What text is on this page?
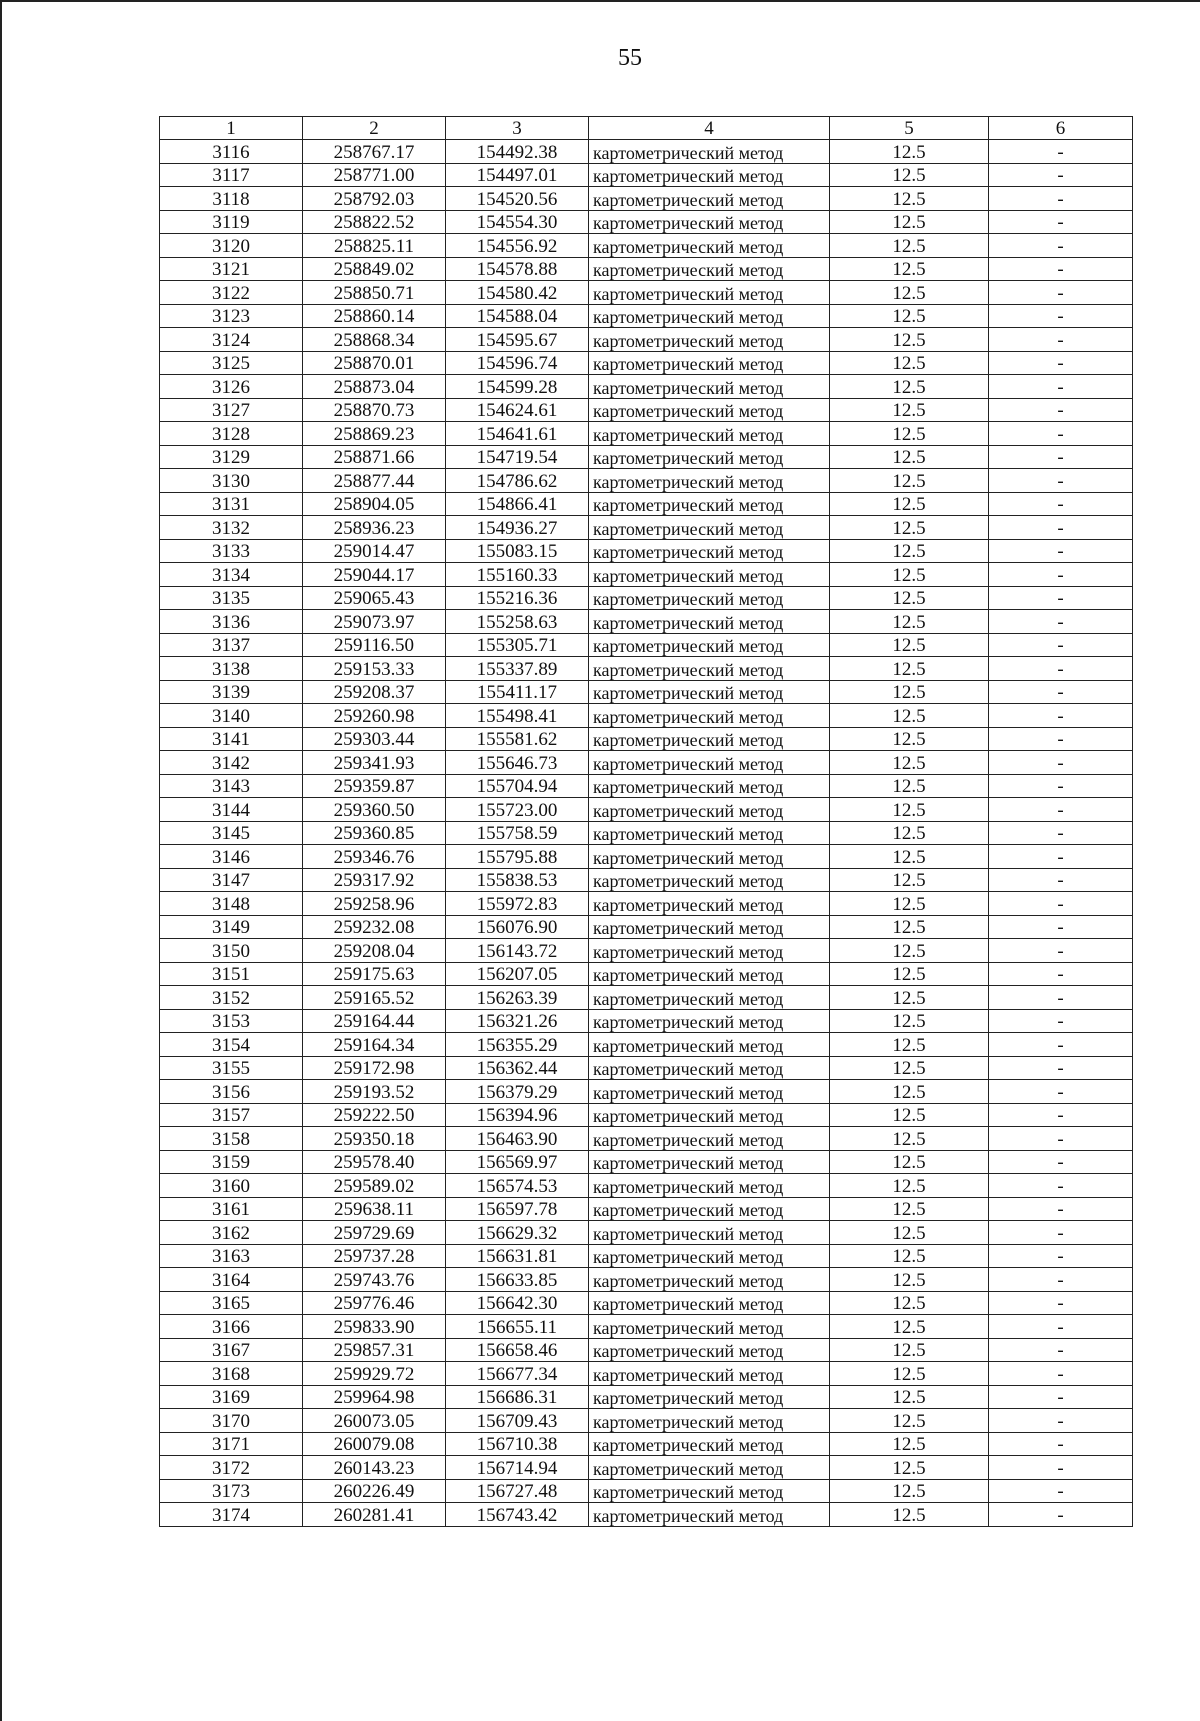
55
1	2	3	4	5	6
3116	258767.17	154492.38	картометрический метод	12.5	-
3117	258771.00	154497.01	картометрический метод	12.5	-
3118	258792.03	154520.56	картометрический метод	12.5	-
3119	258822.52	154554.30	картометрический метод	12.5	-
3120	258825.11	154556.92	картометрический метод	12.5	-
3121	258849.02	154578.88	картометрический метод	12.5	-
3122	258850.71	154580.42	картометрический метод	12.5	-
3123	258860.14	154588.04	картометрический метод	12.5	-
3124	258868.34	154595.67	картометрический метод	12.5	-
3125	258870.01	154596.74	картометрический метод	12.5	-
3126	258873.04	154599.28	картометрический метод	12.5	-
3127	258870.73	154624.61	картометрический метод	12.5	-
3128	258869.23	154641.61	картометрический метод	12.5	-
3129	258871.66	154719.54	картометрический метод	12.5	-
3130	258877.44	154786.62	картометрический метод	12.5	-
3131	258904.05	154866.41	картометрический метод	12.5	-
3132	258936.23	154936.27	картометрический метод	12.5	-
3133	259014.47	155083.15	картометрический метод	12.5	-
3134	259044.17	155160.33	картометрический метод	12.5	-
3135	259065.43	155216.36	картометрический метод	12.5	-
3136	259073.97	155258.63	картометрический метод	12.5	-
3137	259116.50	155305.71	картометрический метод	12.5	-
3138	259153.33	155337.89	картометрический метод	12.5	-
3139	259208.37	155411.17	картометрический метод	12.5	-
3140	259260.98	155498.41	картометрический метод	12.5	-
3141	259303.44	155581.62	картометрический метод	12.5	-
3142	259341.93	155646.73	картометрический метод	12.5	-
3143	259359.87	155704.94	картометрический метод	12.5	-
3144	259360.50	155723.00	картометрический метод	12.5	-
3145	259360.85	155758.59	картометрический метод	12.5	-
3146	259346.76	155795.88	картометрический метод	12.5	-
3147	259317.92	155838.53	картометрический метод	12.5	-
3148	259258.96	155972.83	картометрический метод	12.5	-
3149	259232.08	156076.90	картометрический метод	12.5	-
3150	259208.04	156143.72	картометрический метод	12.5	-
3151	259175.63	156207.05	картометрический метод	12.5	-
3152	259165.52	156263.39	картометрический метод	12.5	-
3153	259164.44	156321.26	картометрический метод	12.5	-
3154	259164.34	156355.29	картометрический метод	12.5	-
3155	259172.98	156362.44	картометрический метод	12.5	-
3156	259193.52	156379.29	картометрический метод	12.5	-
3157	259222.50	156394.96	картометрический метод	12.5	-
3158	259350.18	156463.90	картометрический метод	12.5	-
3159	259578.40	156569.97	картометрический метод	12.5	-
3160	259589.02	156574.53	картометрический метод	12.5	-
3161	259638.11	156597.78	картометрический метод	12.5	-
3162	259729.69	156629.32	картометрический метод	12.5	-
3163	259737.28	156631.81	картометрический метод	12.5	-
3164	259743.76	156633.85	картометрический метод	12.5	-
3165	259776.46	156642.30	картометрический метод	12.5	-
3166	259833.90	156655.11	картометрический метод	12.5	-
3167	259857.31	156658.46	картометрический метод	12.5	-
3168	259929.72	156677.34	картометрический метод	12.5	-
3169	259964.98	156686.31	картометрический метод	12.5	-
3170	260073.05	156709.43	картометрический метод	12.5	-
3171	260079.08	156710.38	картометрический метод	12.5	-
3172	260143.23	156714.94	картометрический метод	12.5	-
3173	260226.49	156727.48	картометрический метод	12.5	-
3174	260281.41	156743.42	картометрический метод	12.5	-
